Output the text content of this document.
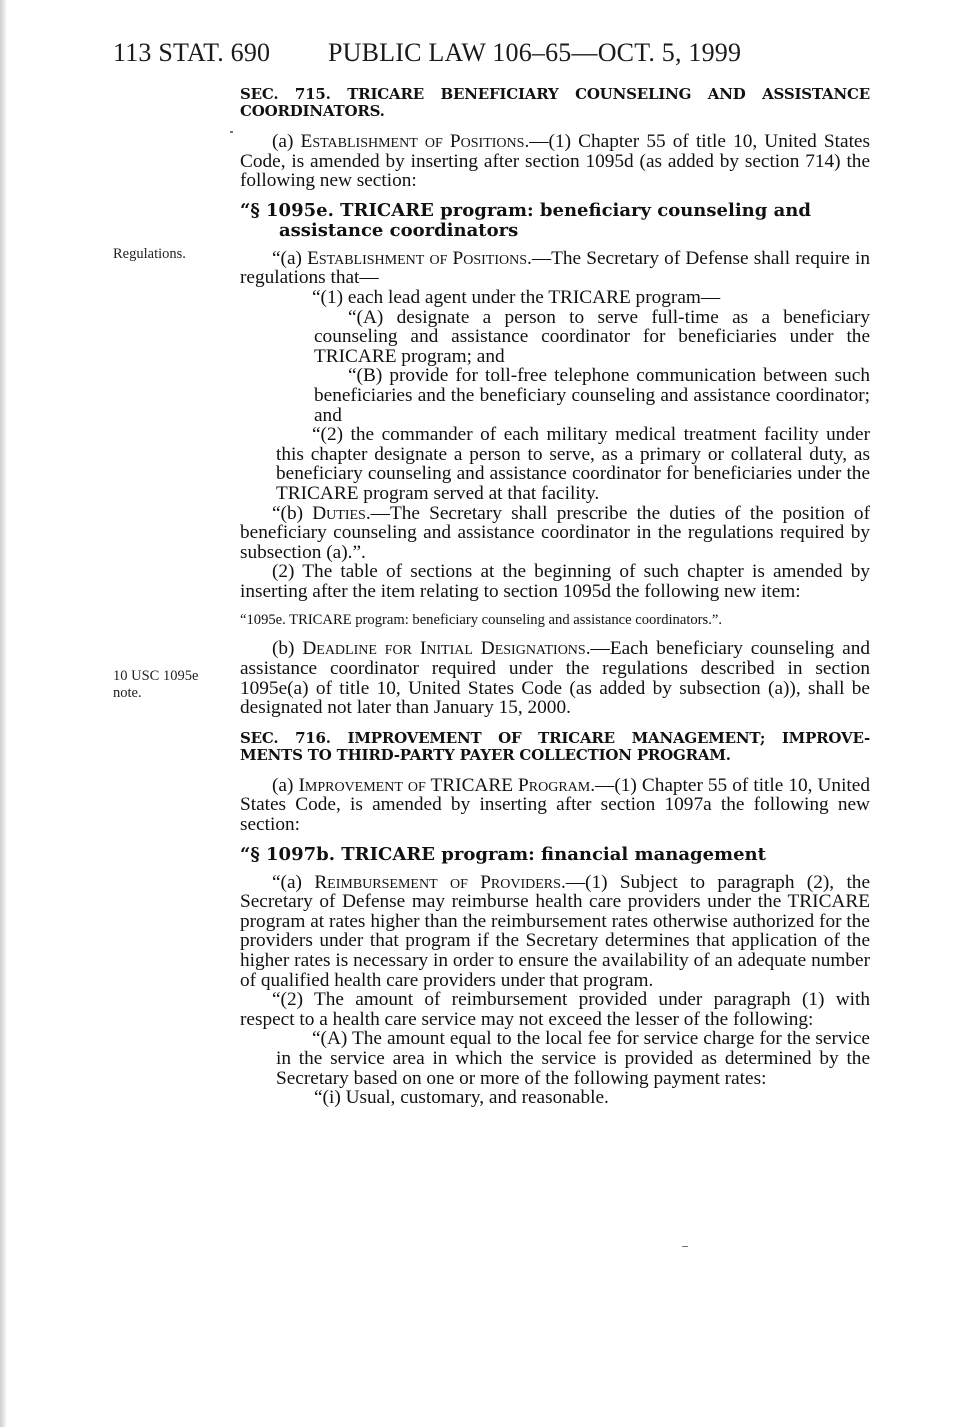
113 STAT. 690 PUBLIC LAW 106–65—OCT. 5, 1999
Regulations.
10 USC 1095e
note.

SEC. 715. TRICARE BENEFICIARY COUNSELING AND ASSISTANCE
COORDINATORS.

(a) Establishment of Positions.—(1) Chapter 55 of title 10, United States Code, is amended by inserting after section 1095d (as added by section 714) the following new section:

“§ 1095e. TRICARE program: beneficiary counseling and
assistance coordinators

“(a) Establishment of Positions.—The Secretary of Defense shall require in regulations that—

“(1) each lead agent under the TRICARE program—

“(A) designate a person to serve full-time as a beneficiary counseling and assistance coordinator for beneficiaries under the TRICARE program; and

“(B) provide for toll-free telephone communication between such beneficiaries and the beneficiary counseling and assistance coordinator; and

“(2) the commander of each military medical treatment facility under this chapter designate a person to serve, as a primary or collateral duty, as beneficiary counseling and assistance coordinator for beneficiaries under the TRICARE program served at that facility.

“(b) Duties.—The Secretary shall prescribe the duties of the position of beneficiary counseling and assistance coordinator in the regulations required by subsection (a).”.

(2) The table of sections at the beginning of such chapter is amended by inserting after the item relating to section 1095d the following new item:

“1095e. TRICARE program: beneficiary counseling and assistance coordinators.”.

(b) Deadline for Initial Designations.—Each beneficiary counseling and assistance coordinator required under the regulations described in section 1095e(a) of title 10, United States Code (as added by subsection (a)), shall be designated not later than January 15, 2000.

SEC. 716. IMPROVEMENT OF TRICARE MANAGEMENT; IMPROVE-
MENTS TO THIRD-PARTY PAYER COLLECTION PROGRAM.

(a) Improvement of TRICARE Program.—(1) Chapter 55 of title 10, United States Code, is amended by inserting after section 1097a the following new section:

“§ 1097b. TRICARE program: financial management

“(a) Reimbursement of Providers.—(1) Subject to paragraph (2), the Secretary of Defense may reimburse health care providers under the TRICARE program at rates higher than the reimbursement rates otherwise authorized for the providers under that program if the Secretary determines that application of the higher rates is necessary in order to ensure the availability of an adequate number of qualified health care providers under that program.

“(2) The amount of reimbursement provided under paragraph (1) with respect to a health care service may not exceed the lesser of the following:

“(A) The amount equal to the local fee for service charge for the service in the service area in which the service is provided as determined by the Secretary based on one or more of the following payment rates:

“(i) Usual, customary, and reasonable.
